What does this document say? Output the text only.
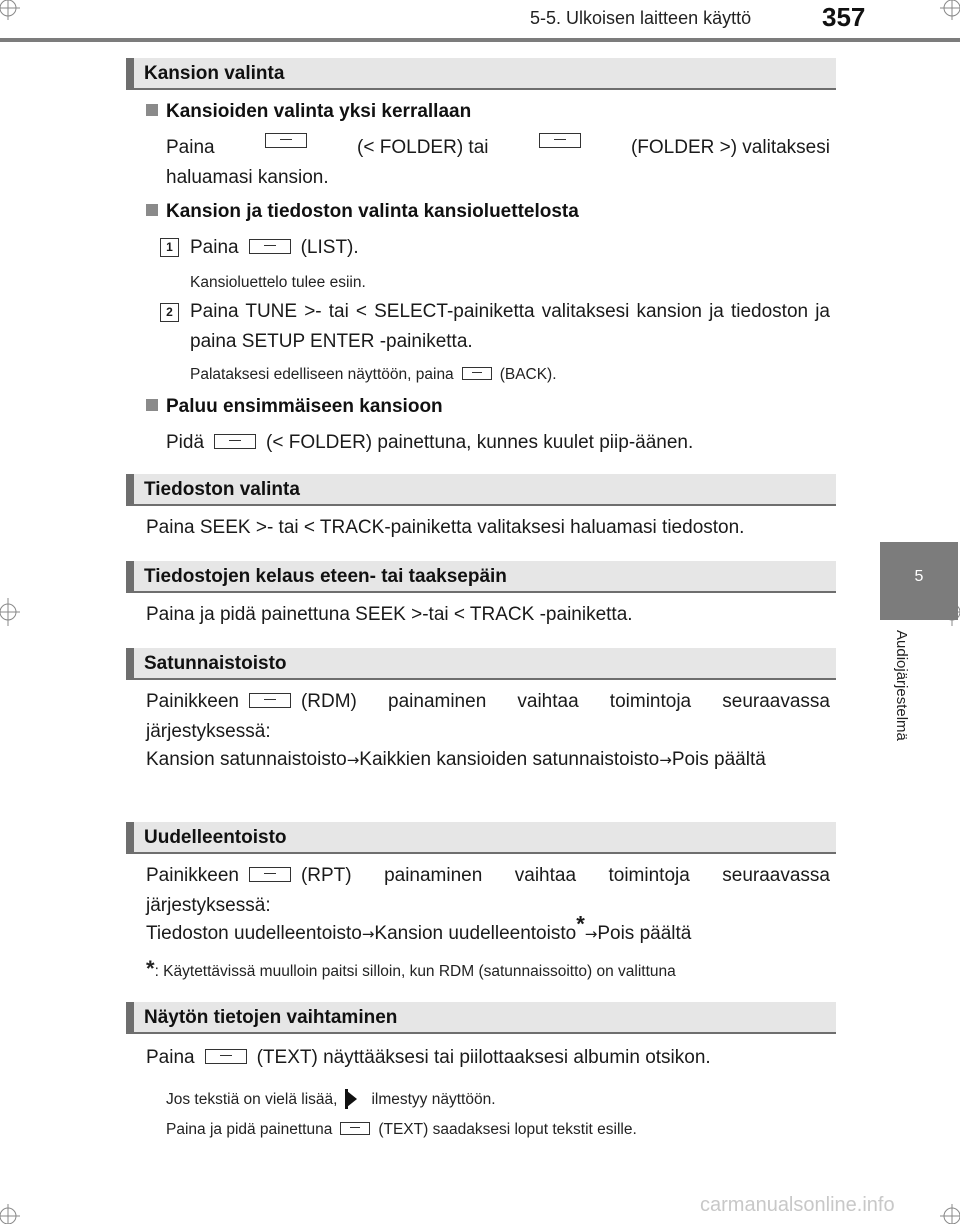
5-5. Ulkoisen laitteen käyttö	357
5
Audiojärjestelmä
Kansion valinta
Kansioiden valinta yksi kerrallaan
Paina	(< FOLDER) tai	(FOLDER >) valitaksesi
haluamasi kansion.
Kansion ja tiedoston valinta kansioluettelosta
1 Paina	(LIST).
Kansioluettelo tulee esiin.
2 Paina TUNE >- tai < SELECT-painiketta valitaksesi kansion ja tiedoston ja paina SETUP ENTER -painiketta.
Palataksesi edelliseen näyttöön, paina	(BACK).
Paluu ensimmäiseen kansioon
Pidä	(< FOLDER) painettuna, kunnes kuulet piip-äänen.
Tiedoston valinta
Paina SEEK >- tai < TRACK-painiketta valitaksesi haluamasi tiedoston.
Tiedostojen kelaus eteen- tai taaksepäin
Paina ja pidä painettuna SEEK >-tai < TRACK -painiketta.
Satunnaistoisto
Painikkeen	(RDM) painaminen vaihtaa toimintoja seuraavassa järjestyksessä:
Kansion satunnaistoisto→Kaikkien kansioiden satunnaistoisto→Pois päältä
Uudelleentoisto
Painikkeen	(RPT) painaminen vaihtaa toimintoja seuraavassa järjestyksessä:
Tiedoston uudelleentoisto→Kansion uudelleentoisto*→Pois päältä
*: Käytettävissä muulloin paitsi silloin, kun RDM (satunnaissoitto) on valittuna
Näytön tietojen vaihtaminen
Paina	(TEXT) näyttääksesi tai piilottaaksesi albumin otsikon.
Jos tekstiä on vielä lisää, ilmestyy näyttöön.
Paina ja pidä painettuna	(TEXT) saadaksesi loput tekstit esille.
carmanualsonline.info
